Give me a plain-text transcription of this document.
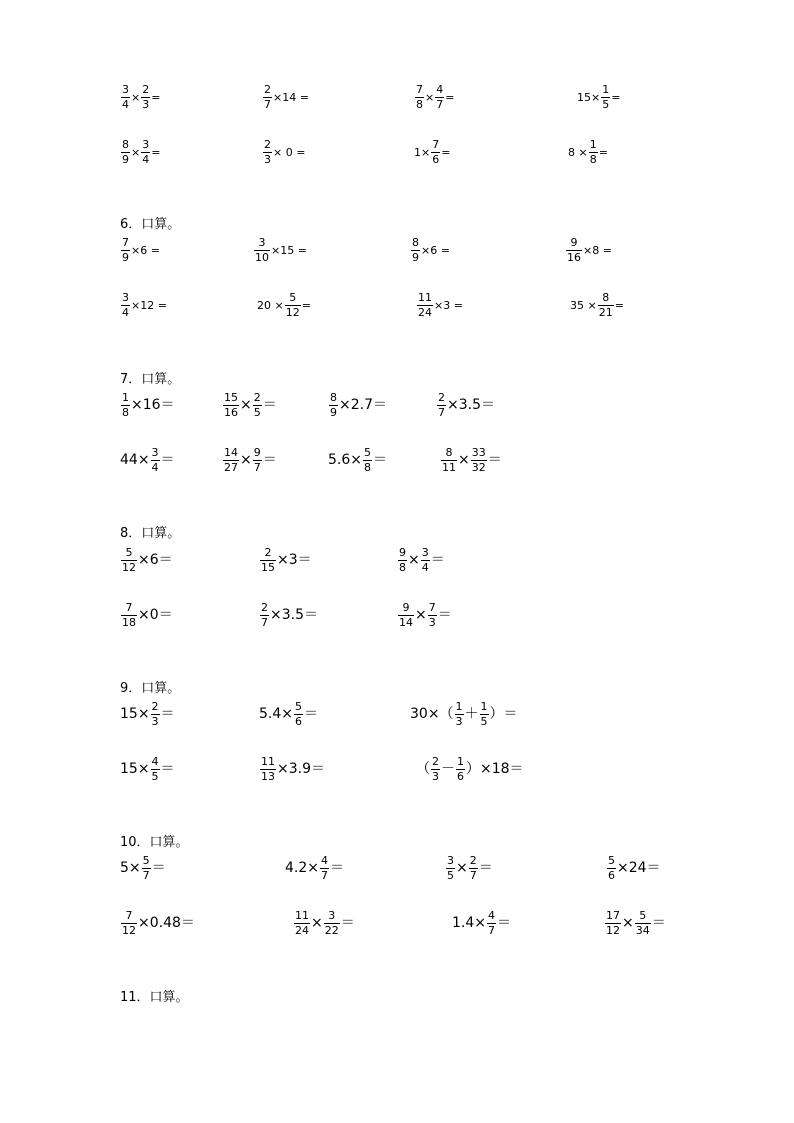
$\frac{3}{4} \times \frac{2}{3}$ =	$\frac{2}{7} \times 14$ =	$\frac{7}{8} \times \frac{4}{7}$ =	$15\times \frac{1}{5}$ =
$\frac{8}{9} \times \frac{3}{4}$ =	$\frac{2}{3} \times 0$ =	$1\times \frac{7}{6}$ =	$8 \times \frac{1}{8}$ =
6．口算。
$\frac{7}{9} \times 6$ =	$\frac{3}{10} \times 15$ =	$\frac{8}{9} \times 6$ =	$\frac{9}{16} \times 8$ =
$\frac{3}{4} \times 12$ =	$20 \times \frac{5}{12}$ =	$\frac{11}{24} \times 3$ =	$35 \times \frac{8}{21}$ =
7．口算。
$\frac{1}{8} \times 16=$	$\frac{15}{16} \times \frac{2}{5}$ ＝	$\frac{8}{9} \times 2.7=$	$\frac{2}{7} \times 3.5=$
$44\times \frac{3}{4}$ ＝	$\frac{14}{27} \times \frac{9}{7}$ ＝	$5.6\times \frac{5}{8}$ ＝	$\frac{8}{11} \times \frac{33}{32}$ ＝
8．口算。
$\frac{5}{12} \times 6=$	$\frac{2}{15} \times 3=$	$\frac{9}{8} \times \frac{3}{4}$ ＝
$\frac{7}{18} \times 0=$	$\frac{2}{7} \times 3.5=$	$\frac{9}{14} \times \frac{7}{3}$ ＝
9．口算。
$15\times \frac{2}{3}$ ＝	$5.4\times \frac{5}{6}$ ＝	$30\times( \frac{1}{3} + \frac{1}{5}$ ）＝
$15\times \frac{4}{5}$ ＝	$\frac{11}{13} \times 3.9=$	（ $\frac{2}{3} - \frac{1}{6} )\times 18=$
10．口算。
$5\times \frac{5}{7}$ ＝	$4.2\times \frac{4}{7}$ ＝	$\frac{3}{5} \times \frac{2}{7}$ ＝	$\frac{5}{6} \times 24=$
$\frac{7}{12} \times 0.48=$	$\frac{11}{24} \times \frac{3}{22}$ ＝	$1.4\times \frac{4}{7}$ ＝	$\frac{17}{12} \times \frac{5}{34}$ ＝
11．口算。
